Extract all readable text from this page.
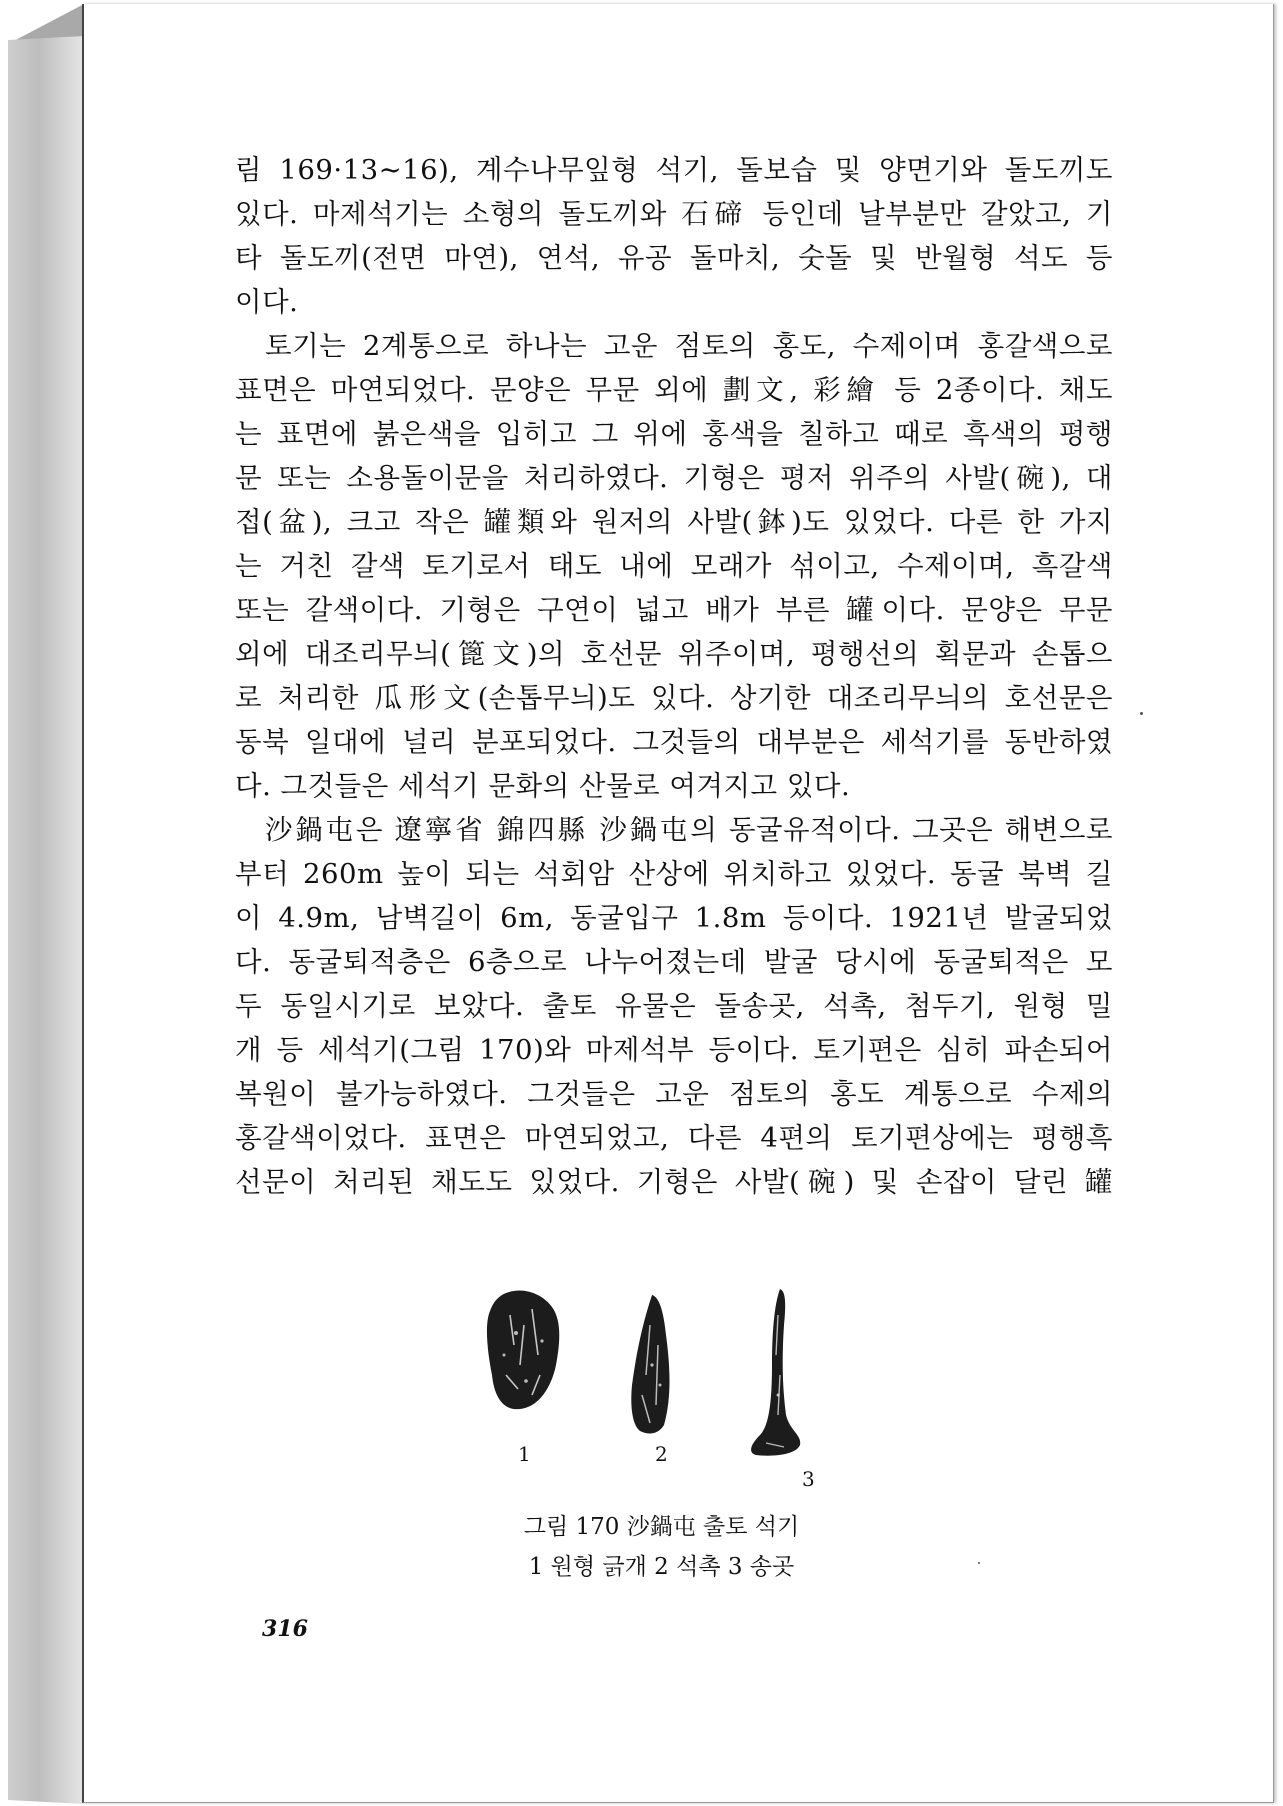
림 169·13∼16), 계수나무잎형 석기, 돌보습 및 양면기와 돌도끼도
있다. 마제석기는 소형의 돌도끼와 石碲 등인데 날부분만 갈았고, 기
타 돌도끼(전면 마연), 연석, 유공 돌마치, 숫돌 및 반월형 석도 등
이다.
토기는 2계통으로 하나는 고운 점토의 홍도, 수제이며 홍갈색으로
표면은 마연되었다. 문양은 무문 외에 劃文, 彩繪 등 2종이다. 채도
는 표면에 붉은색을 입히고 그 위에 홍색을 칠하고 때로 흑색의 평행
문 또는 소용돌이문을 처리하였다. 기형은 평저 위주의 사발(碗), 대
접(盆), 크고 작은 罐類와 원저의 사발(鉢)도 있었다. 다른 한 가지
는 거친 갈색 토기로서 태도 내에 모래가 섞이고, 수제이며, 흑갈색
또는 갈색이다. 기형은 구연이 넓고 배가 부른 罐이다. 문양은 무문
외에 대조리무늬(篦文)의 호선문 위주이며, 평행선의 획문과 손톱으
로 처리한 瓜形文(손톱무늬)도 있다. 상기한 대조리무늬의 호선문은
동북 일대에 널리 분포되었다. 그것들의 대부분은 세석기를 동반하였
다. 그것들은 세석기 문화의 산물로 여겨지고 있다.
沙鍋屯은 遼寧省 錦四縣 沙鍋屯의 동굴유적이다. 그곳은 해변으로
부터 260m 높이 되는 석회암 산상에 위치하고 있었다. 동굴 북벽 길
이 4.9m, 남벽길이 6m, 동굴입구 1.8m 등이다. 1921년 발굴되었
다. 동굴퇴적층은 6층으로 나누어졌는데 발굴 당시에 동굴퇴적은 모
두 동일시기로 보았다. 출토 유물은 돌송곳, 석촉, 첨두기, 원형 밀
개 등 세석기(그림 170)와 마제석부 등이다. 토기편은 심히 파손되어
복원이 불가능하였다. 그것들은 고운 점토의 홍도 계통으로 수제의
홍갈색이었다. 표면은 마연되었고, 다른 4편의 토기편상에는 평행흑
선문이 처리된 채도도 있었다. 기형은 사발(碗) 및 손잡이 달린 罐
1	2
3
그림 170 沙鍋屯 출토 석기
1 원형 긁개 2 석촉 3 송곳
316
